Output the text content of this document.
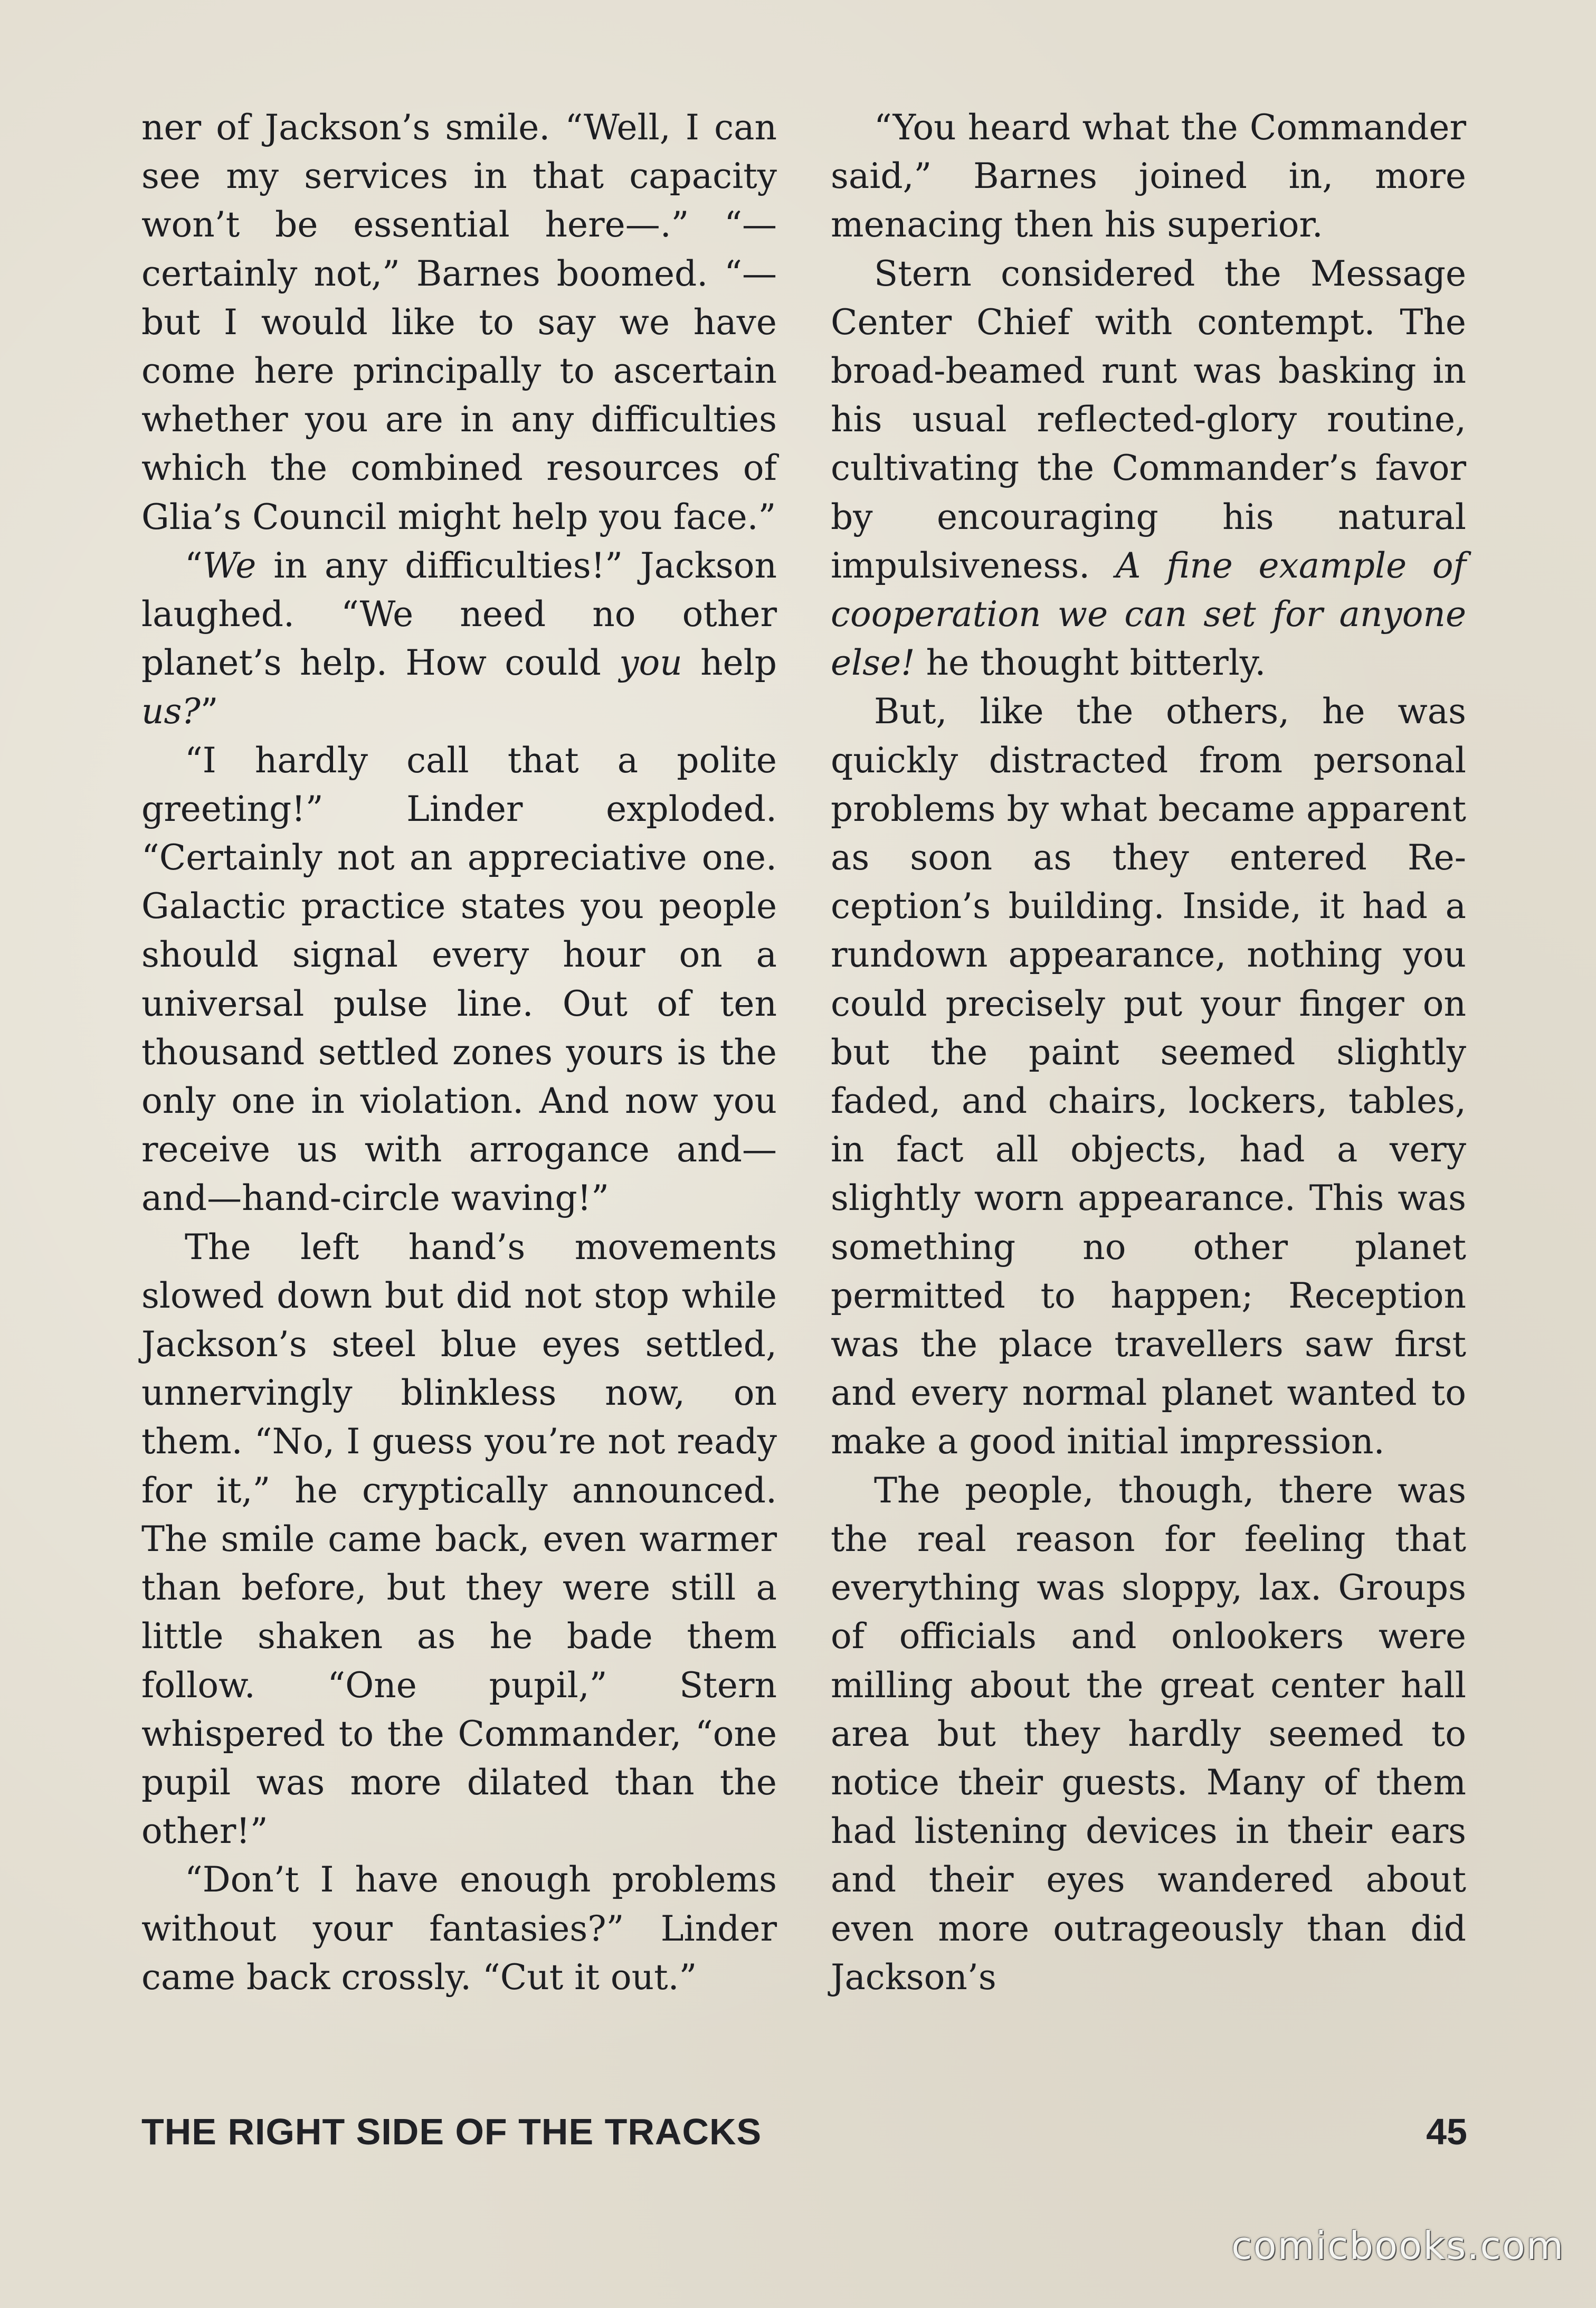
ner of Jackson’s smile. “Well, I can see my services in that capacity won’t be essential here—.” “—certainly not,” Barnes boomed. “—but I would like to say we have come here principally to ascertain whether you are in any difficulties which the combined resources of Glia’s Council might help you face.”

“We in any difficulties!” Jackson laughed. “We need no other planet’s help. How could you help us?”

“I hardly call that a polite greeting!” Linder exploded. “Certainly not an appreciative one. Galactic practice states you people should signal every hour on a universal pulse line. Out of ten thousand settled zones yours is the only one in violation. And now you receive us with arrogance and— and—hand-circle waving!”

The left hand’s movements slowed down but did not stop while Jackson’s steel blue eyes settled, unnervingly blinkless now, on them. “No, I guess you’re not ready for it,” he cryptically announced. The smile came back, even warmer than before, but they were still a little shaken as he bade them follow. “One pupil,” Stern whispered to the Commander, “one pupil was more dilated than the other!”

“Don’t I have enough problems without your fantasies?” Linder came back crossly. “Cut it out.”

“You heard what the Commander said,” Barnes joined in, more menacing then his superior.

Stern considered the Message Center Chief with contempt. The broad-beamed runt was basking in his usual reflected-glory routine, cultivating the Commander’s favor by encouraging his natural impulsiveness. A fine example of cooperation we can set for anyone else! he thought bitterly.

But, like the others, he was quickly distracted from personal problems by what became apparent as soon as they entered Reception’s building. Inside, it had a rundown appearance, nothing you could precisely put your finger on but the paint seemed slightly faded, and chairs, lockers, tables, in fact all objects, had a very slightly worn appearance. This was something no other planet permitted to happen; Reception was the place travellers saw first and every normal planet wanted to make a good initial impression.

The people, though, there was the real reason for feeling that everything was sloppy, lax. Groups of officials and onlookers were milling about the great center hall area but they hardly seemed to notice their guests. Many of them had listening devices in their ears and their eyes wandered about even more outrageously than did Jackson’s

THE RIGHT SIDE OF THE TRACKS	45
comicbooks.com
